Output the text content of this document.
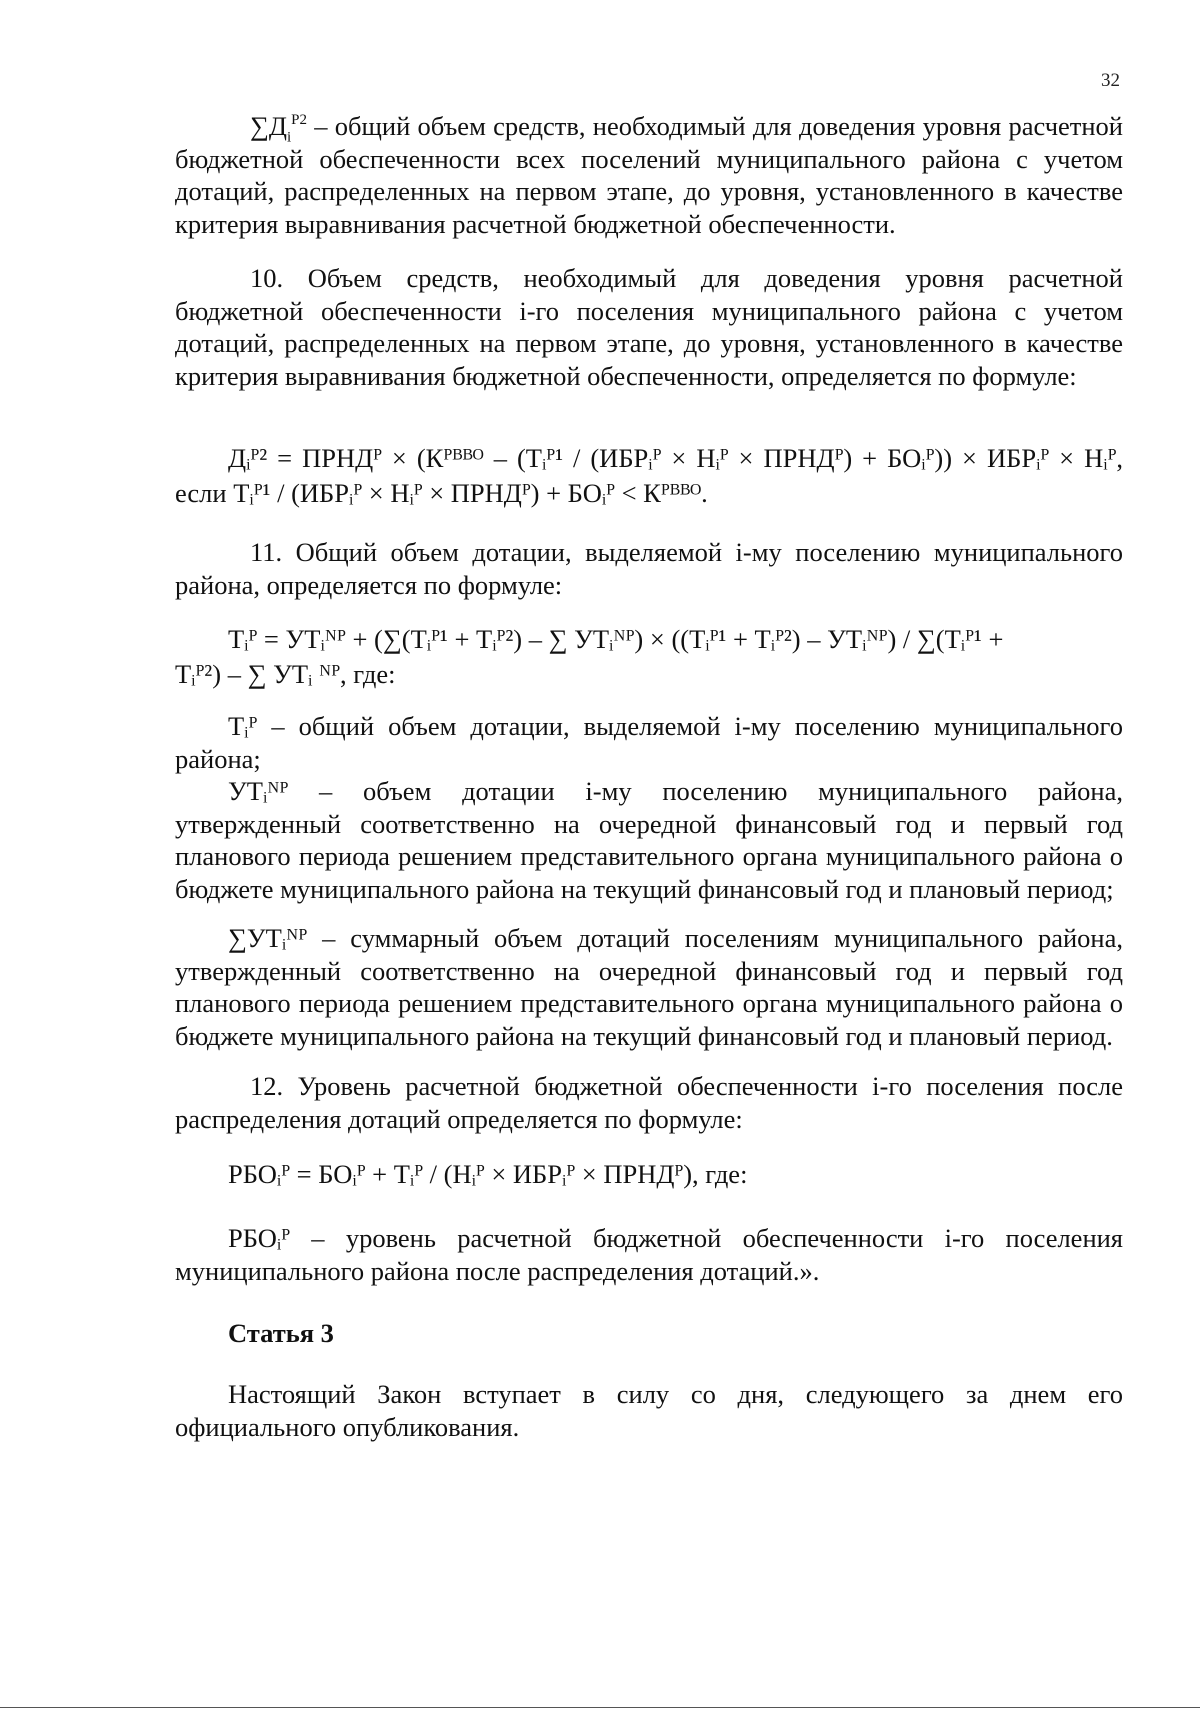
32
$\sum Д_i^{Р2}$ – общий объем средств, необходимый для доведения уровня расчетной бюджетной обеспеченности всех поселений муниципального района с учетом дотаций, распределенных на первом этапе, до уровня, установленного в качестве критерия выравнивания расчетной бюджетной обеспеченности.

10. Объем средств, необходимый для доведения уровня расчетной бюджетной обеспеченности і-го поселения муниципального района с учетом дотаций, распределенных на первом этапе, до уровня, установленного в качестве критерия выравнивания бюджетной обеспеченности, определяется по формуле:

Дᵢᴾ² = ПРНДᴾ × (Кᴾᴮᴮᴼ – (Тᵢᴾ¹ / (ИБРᵢᴾ × Нᵢᴾ × ПРНДᴾ) + БОᵢᴾ)) × ИБРᵢᴾ × Нᵢᴾ,
если Тᵢᴾ¹ / (ИБРᵢᴾ × Нᵢᴾ × ПРНДᴾ) + БОᵢᴾ < Кᴾᴮᴮᴼ.

11. Общий объем дотации, выделяемой і-му поселению муниципального района, определяется по формуле:

Тᵢᴾ = УТᵢᴺᴾ + (∑(Тᵢᴾ¹ + Тᵢᴾ²) – ∑ УТᵢᴺᴾ) × ((Тᵢᴾ¹ + Тᵢᴾ²) – УТᵢᴺᴾ) / ∑(Тᵢᴾ¹ +
Тᵢᴾ²) – ∑ УТᵢ ᴺᴾ, где:

Тᵢᴾ – общий объем дотации, выделяемой і-му поселению муниципального района;

УТᵢᴺᴾ – объем дотации і-му поселению муниципального района, утвержденный соответственно на очередной финансовый год и первый год планового периода решением представительного органа муниципального района о бюджете муниципального района на текущий финансовый год и плановый период;

∑УТᵢᴺᴾ – суммарный объем дотаций поселениям муниципального района, утвержденный соответственно на очередной финансовый год и первый год планового периода решением представительного органа муниципального района о бюджете муниципального района на текущий финансовый год и плановый период.

12. Уровень расчетной бюджетной обеспеченности і-го поселения после распределения дотаций определяется по формуле:

РБОᵢᴾ = БОᵢᴾ + Тᵢᴾ / (Нᵢᴾ × ИБРᵢᴾ × ПРНДᴾ), где:

РБОᵢᴾ – уровень расчетной бюджетной обеспеченности і-го поселения муниципального района после распределения дотаций.».

Статья 3

Настоящий Закон вступает в силу со дня, следующего за днем его официального опубликования.
